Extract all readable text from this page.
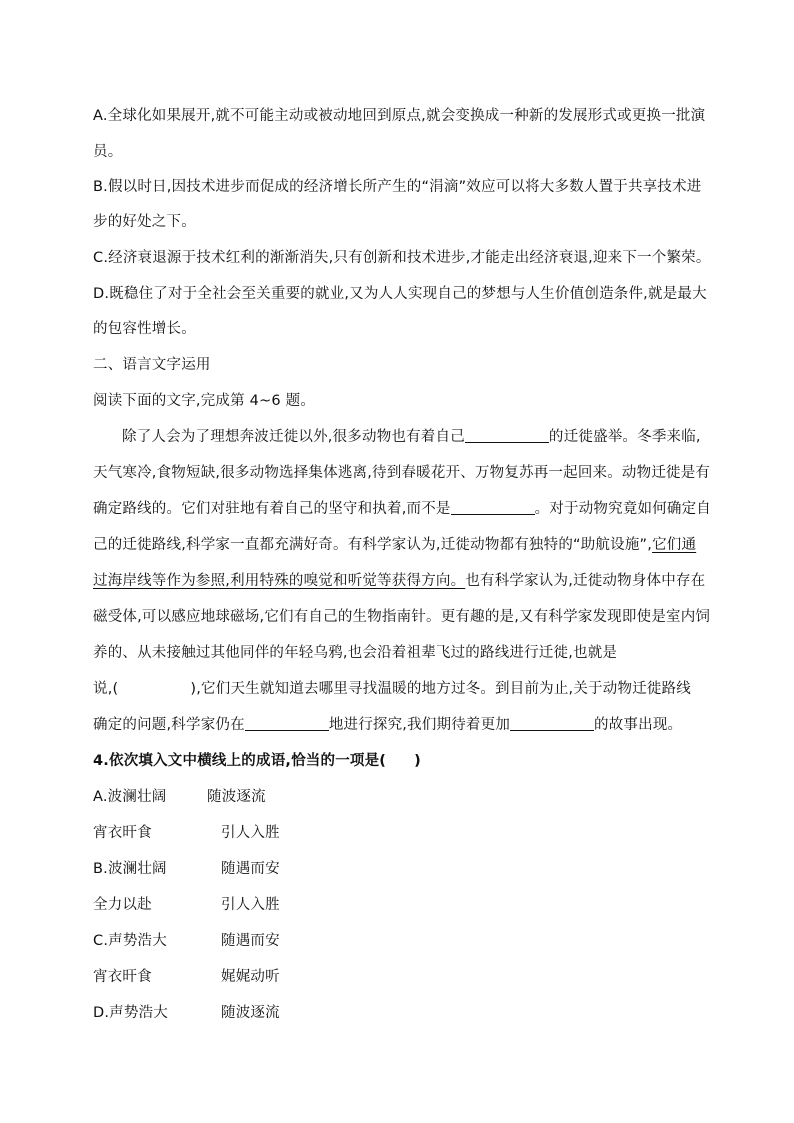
A.全球化如果展开,就不可能主动或被动地回到原点,就会变换成一种新的发展形式或更换一批演
员。
B.假以时日,因技术进步而促成的经济增长所产生的“涓滴”效应可以将大多数人置于共享技术进
步的好处之下。
C.经济衰退源于技术红利的渐渐消失,只有创新和技术进步,才能走出经济衰退,迎来下一个繁荣。
D.既稳住了对于全社会至关重要的就业,又为人人实现自己的梦想与人生价值创造条件,就是最大
的包容性增长。
二、语言文字运用
阅读下面的文字,完成第 4~6 题。
除了人会为了理想奔波迁徙以外,很多动物也有着自己	的迁徙盛举。冬季来临,
天气寒冷,食物短缺,很多动物选择集体逃离,待到春暖花开、万物复苏再一起回来。动物迁徙是有
确定路线的。它们对驻地有着自己的坚守和执着,而不是	。对于动物究竟如何确定自
己的迁徙路线,科学家一直都充满好奇。有科学家认为,迁徙动物都有独特的“助航设施”,它们通
过海岸线等作为参照,利用特殊的嗅觉和听觉等获得方向。也有科学家认为,迁徙动物身体中存在
磁受体,可以感应地球磁场,它们有自己的生物指南针。更有趣的是,又有科学家发现即使是室内饲
养的、从未接触过其他同伴的年轻乌鸦,也会沿着祖辈飞过的路线进行迁徙,也就是
说,(	),它们天生就知道去哪里寻找温暖的地方过冬。到目前为止,关于动物迁徙路线
确定的问题,科学家仍在	地进行探究,我们期待着更加	的故事出现。
4.依次填入文中横线上的成语,恰当的一项是( )
A.波澜壮阔	随波逐流
宵衣旰食	引人入胜
B.波澜壮阔	随遇而安
全力以赴	引人入胜
C.声势浩大	随遇而安
宵衣旰食	娓娓动听
D.声势浩大	随波逐流
